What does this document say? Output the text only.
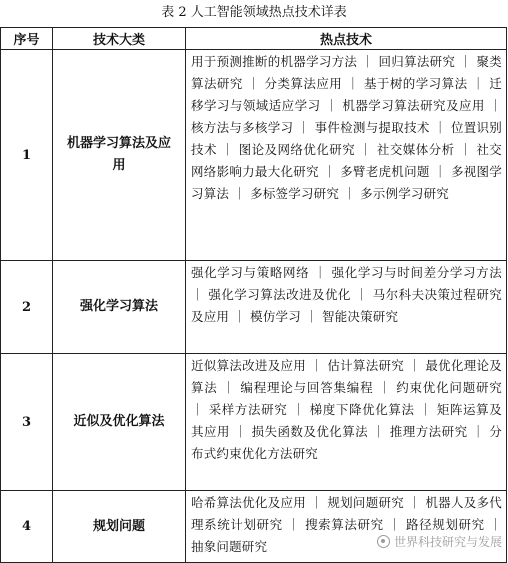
表 2 人工智能领域热点技术详表
序号	技术大类	热点技术
1	机器学习算法及应用	用于预测推断的机器学习方法 ｜ 回归算法研究 ｜ 聚类算法研究 ｜ 分类算法应用 ｜ 基于树的学习算法 ｜ 迁移学习与领域适应学习 ｜ 机器学习算法研究及应用 ｜ 核方法与多核学习 ｜ 事件检测与提取技术 ｜ 位置识别技术 ｜ 图论及网络优化研究 ｜ 社交媒体分析 ｜ 社交网络影响力最大化研究 ｜ 多臂老虎机问题 ｜ 多视图学习算法 ｜ 多标签学习研究 ｜ 多示例学习研究
2	强化学习算法	强化学习与策略网络 ｜ 强化学习与时间差分学习方法 ｜ 强化学习算法改进及优化 ｜ 马尔科夫决策过程研究及应用 ｜ 模仿学习 ｜ 智能决策研究
3	近似及优化算法	近似算法改进及应用 ｜ 估计算法研究 ｜ 最优化理论及算法 ｜ 编程理论与回答集编程 ｜ 约束优化问题研究 ｜ 采样方法研究 ｜ 梯度下降优化算法 ｜ 矩阵运算及其应用 ｜ 损失函数及优化算法 ｜ 推理方法研究 ｜ 分布式约束优化方法研究
4	规划问题	哈希算法优化及应用 ｜ 规划问题研究 ｜ 机器人及多代理系统计划研究 ｜ 搜索算法研究 ｜ 路径规划研究 ｜ 抽象问题研究	世界科技研究与发展
